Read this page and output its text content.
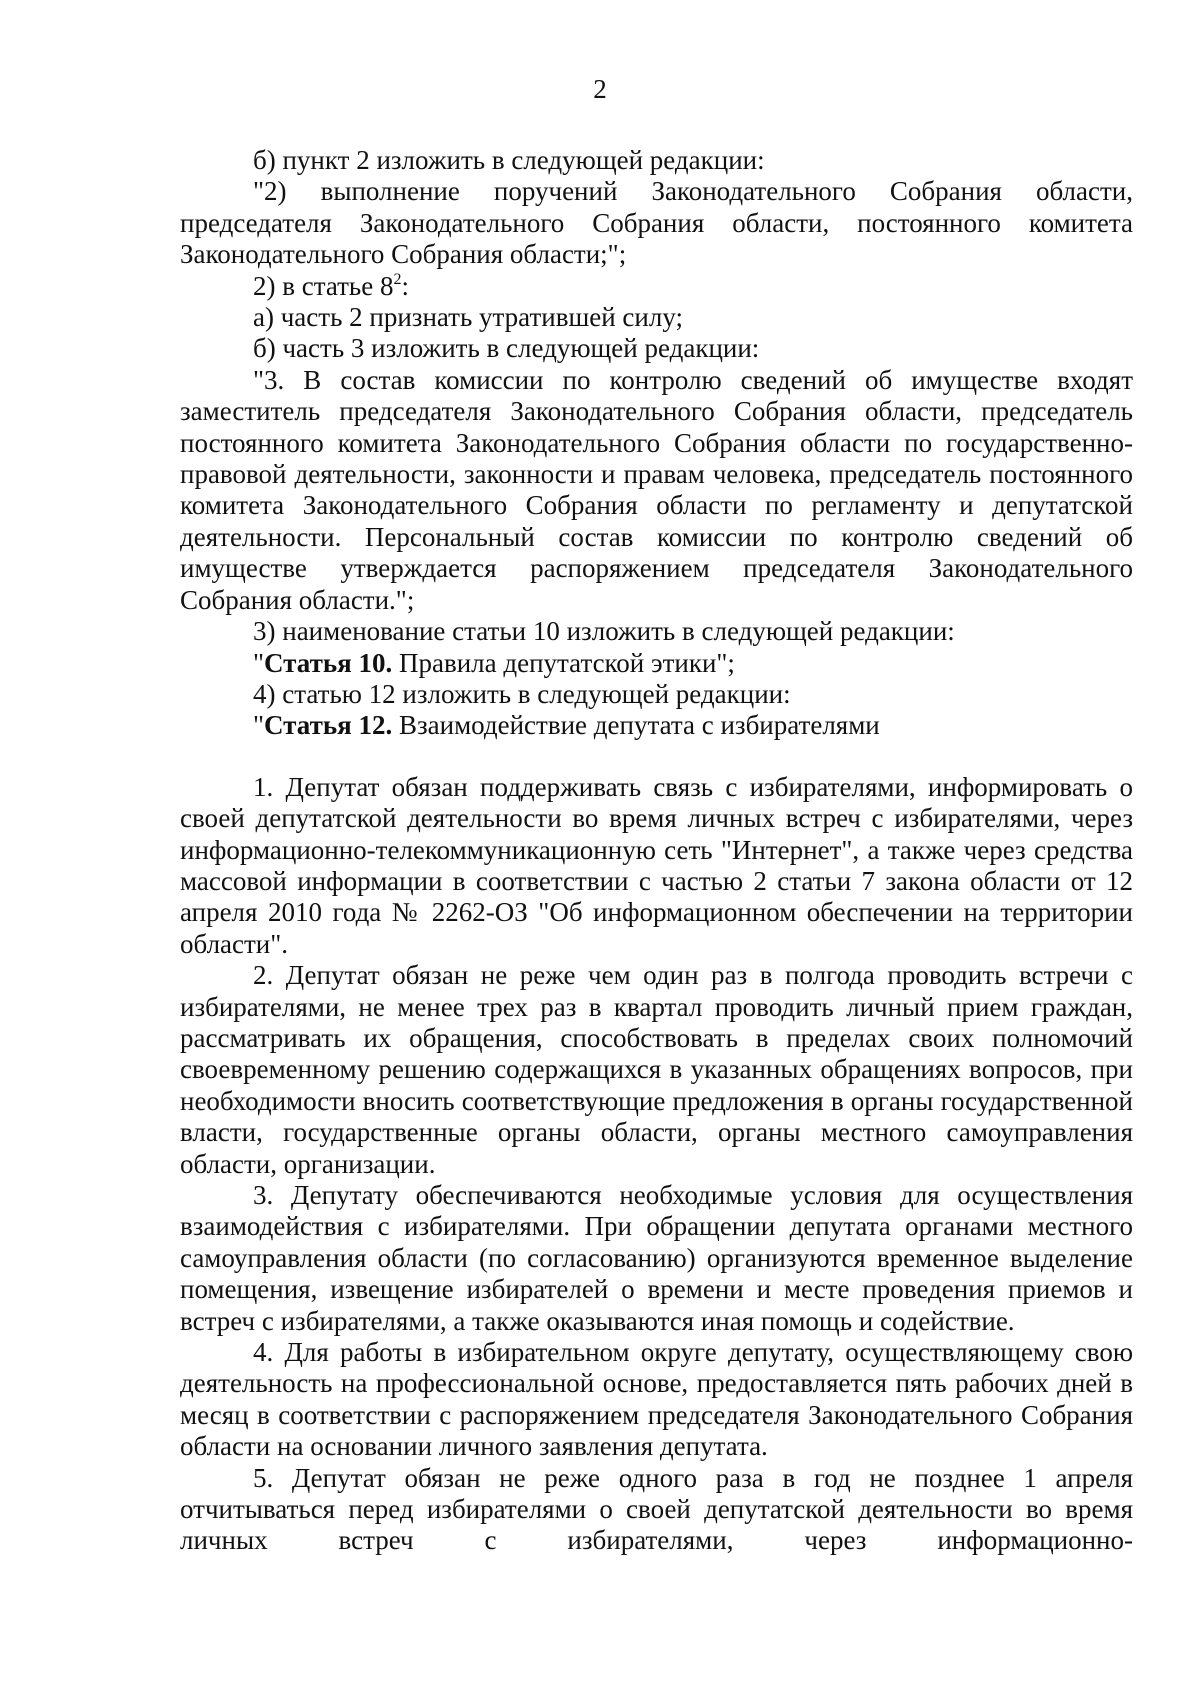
2

б) пункт 2 изложить в следующей редакции:

"2) выполнение поручений Законодательного Собрания области, председателя Законодательного Собрания области, постоянного комитета Законодательного Собрания области;";

2) в статье $8^2$:

а) часть 2 признать утратившей силу;

б) часть 3 изложить в следующей редакции:

"3. В состав комиссии по контролю сведений об имуществе входят заместитель председателя Законодательного Собрания области, председатель постоянного комитета Законодательного Собрания области по государственно-правовой деятельности, законности и правам человека, председатель постоянного комитета Законодательного Собрания области по регламенту и депутатской деятельности. Персональный состав комиссии по контролю сведений об имуществе утверждается распоряжением председателя Законодательного Собрания области.";

3) наименование статьи 10 изложить в следующей редакции:

"Статья 10. Правила депутатской этики";

4) статью 12 изложить в следующей редакции:

"Статья 12. Взаимодействие депутата с избирателями

1. Депутат обязан поддерживать связь с избирателями, информировать о своей депутатской деятельности во время личных встреч с избирателями, через информационно-телекоммуникационную сеть "Интернет", а также через средства массовой информации в соответствии с частью 2 статьи 7 закона области от 12 апреля 2010 года № 2262-ОЗ "Об информационном обеспечении на территории области".

2. Депутат обязан не реже чем один раз в полгода проводить встречи с избирателями, не менее трех раз в квартал проводить личный прием граждан, рассматривать их обращения, способствовать в пределах своих полномочий своевременному решению содержащихся в указанных обращениях вопросов, при необходимости вносить соответствующие предложения в органы государственной власти, государственные органы области, органы местного самоуправления области, организации.

3. Депутату обеспечиваются необходимые условия для осуществления взаимодействия с избирателями. При обращении депутата органами местного самоуправления области (по согласованию) организуются временное выделение помещения, извещение избирателей о времени и месте проведения приемов и встреч с избирателями, а также оказываются иная помощь и содействие.

4. Для работы в избирательном округе депутату, осуществляющему свою деятельность на профессиональной основе, предоставляется пять рабочих дней в месяц в соответствии с распоряжением председателя Законодательного Собрания области на основании личного заявления депутата.

5. Депутат обязан не реже одного раза в год не позднее 1 апреля отчитываться перед избирателями о своей депутатской деятельности во время личных встреч с избирателями, через информационно-
